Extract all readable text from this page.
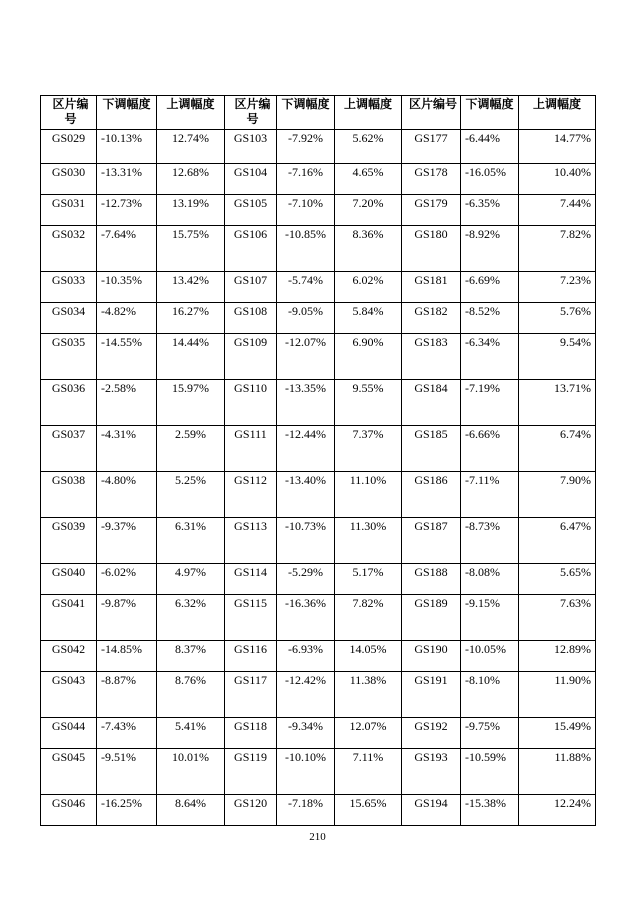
区片编号	下调幅度	上调幅度	区片编号	下调幅度	上调幅度	区片编号	下调幅度	上调幅度
GS029	-10.13%	12.74%	GS103	-7.92%	5.62%	GS177	-6.44%	14.77%
GS030	-13.31%	12.68%	GS104	-7.16%	4.65%	GS178	-16.05%	10.40%
GS031	-12.73%	13.19%	GS105	-7.10%	7.20%	GS179	-6.35%	7.44%
GS032	-7.64%	15.75%	GS106	-10.85%	8.36%	GS180	-8.92%	7.82%
GS033	-10.35%	13.42%	GS107	-5.74%	6.02%	GS181	-6.69%	7.23%
GS034	-4.82%	16.27%	GS108	-9.05%	5.84%	GS182	-8.52%	5.76%
GS035	-14.55%	14.44%	GS109	-12.07%	6.90%	GS183	-6.34%	9.54%
GS036	-2.58%	15.97%	GS110	-13.35%	9.55%	GS184	-7.19%	13.71%
GS037	-4.31%	2.59%	GS111	-12.44%	7.37%	GS185	-6.66%	6.74%
GS038	-4.80%	5.25%	GS112	-13.40%	11.10%	GS186	-7.11%	7.90%
GS039	-9.37%	6.31%	GS113	-10.73%	11.30%	GS187	-8.73%	6.47%
GS040	-6.02%	4.97%	GS114	-5.29%	5.17%	GS188	-8.08%	5.65%
GS041	-9.87%	6.32%	GS115	-16.36%	7.82%	GS189	-9.15%	7.63%
GS042	-14.85%	8.37%	GS116	-6.93%	14.05%	GS190	-10.05%	12.89%
GS043	-8.87%	8.76%	GS117	-12.42%	11.38%	GS191	-8.10%	11.90%
GS044	-7.43%	5.41%	GS118	-9.34%	12.07%	GS192	-9.75%	15.49%
GS045	-9.51%	10.01%	GS119	-10.10%	7.11%	GS193	-10.59%	11.88%
GS046	-16.25%	8.64%	GS120	-7.18%	15.65%	GS194	-15.38%	12.24%
210
